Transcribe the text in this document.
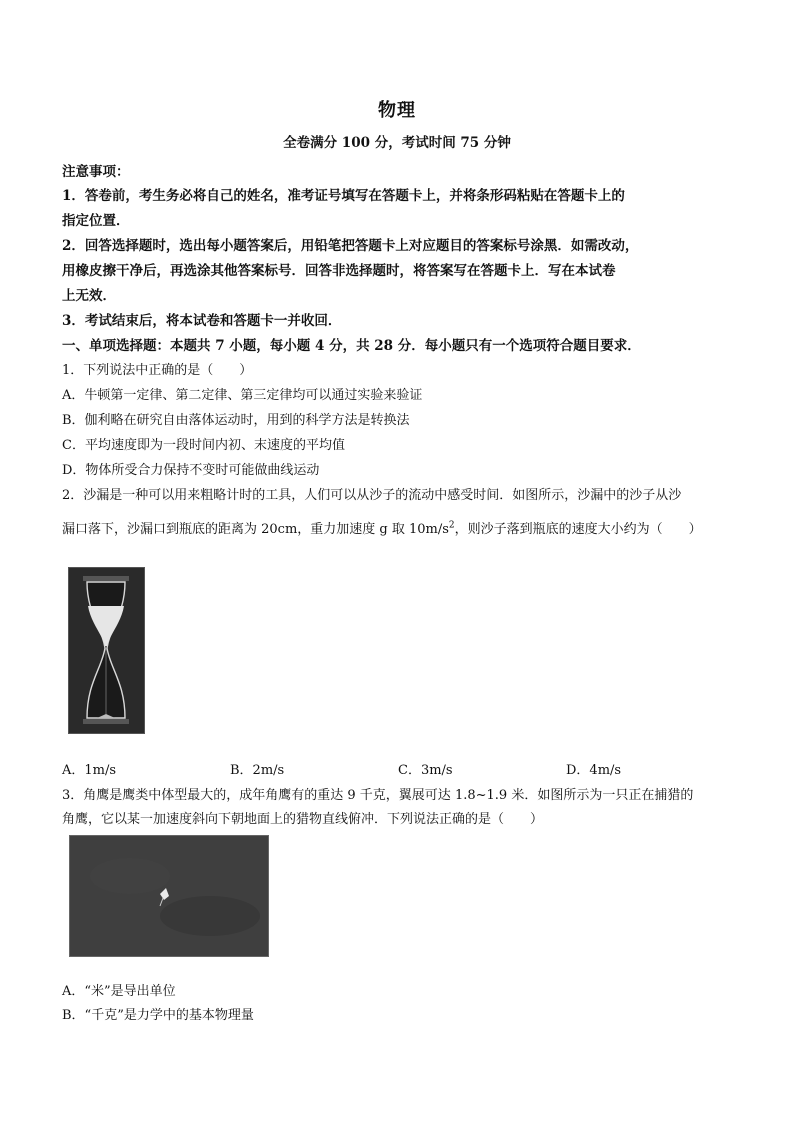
物理
全卷满分 100 分，考试时间 75 分钟
注意事项：
1．答卷前，考生务必将自己的姓名，准考证号填写在答题卡上，并将条形码粘贴在答题卡上的
指定位置．
2．回答选择题时，选出每小题答案后，用铅笔把答题卡上对应题目的答案标号涂黑．如需改动，
用橡皮擦干净后，再选涂其他答案标号．回答非选择题时，将答案写在答题卡上．写在本试卷
上无效．
3．考试结束后，将本试卷和答题卡一并收回．
一、单项选择题：本题共 7 小题，每小题 4 分，共 28 分．每小题只有一个选项符合题目要求．
1．下列说法中正确的是（　　）
A．牛顿第一定律、第二定律、第三定律均可以通过实验来验证
B．伽利略在研究自由落体运动时，用到的科学方法是转换法
C．平均速度即为一段时间内初、末速度的平均值
D．物体所受合力保持不变时可能做曲线运动
2．沙漏是一种可以用来粗略计时的工具，人们可以从沙子的流动中感受时间．如图所示，沙漏中的沙子从沙
漏口落下，沙漏口到瓶底的距离为 20cm，重力加速度 g 取 $10m/s^2$，则沙子落到瓶底的速度大小约为（　　）
A．1m/s	B．2m/s	C．3m/s	D．4m/s
3．角鹰是鹰类中体型最大的，成年角鹰有的重达 9 千克，翼展可达 1.8~1.9 米．如图所示为一只正在捕猎的
角鹰，它以某一加速度斜向下朝地面上的猎物直线俯冲．下列说法正确的是（　　）
A．“米”是导出单位
B．“千克”是力学中的基本物理量
